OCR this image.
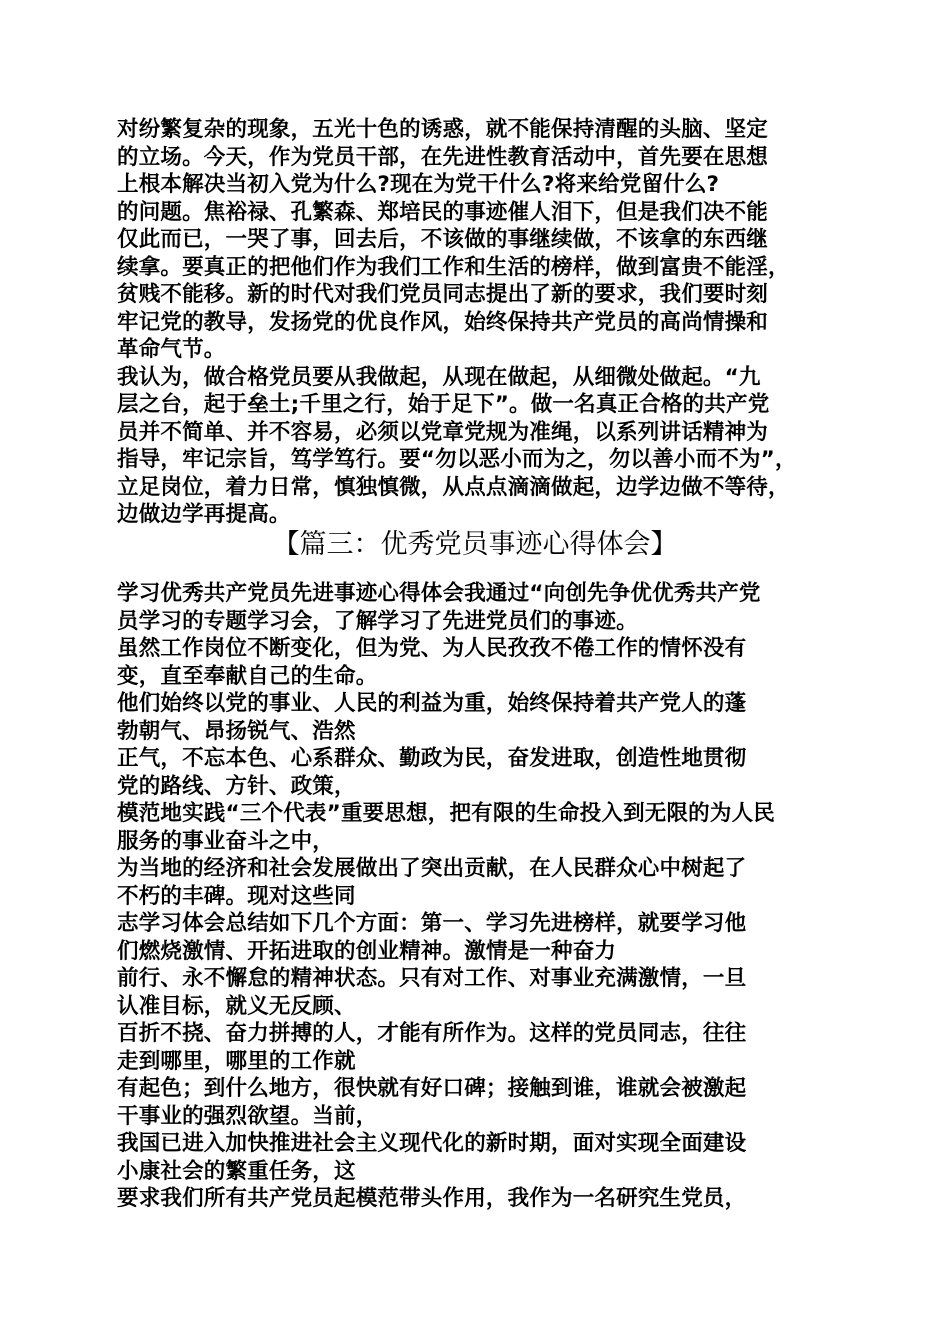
对纷繁复杂的现象，五光十色的诱惑，就不能保持清醒的头脑、坚定
的立场。今天，作为党员干部，在先进性教育活动中，首先要在思想
上根本解决当初入党为什么?现在为党干什么?将来给党留什么?
的问题。焦裕禄、孔繁森、郑培民的事迹催人泪下，但是我们决不能
仅此而已，一哭了事，回去后，不该做的事继续做，不该拿的东西继
续拿。要真正的把他们作为我们工作和生活的榜样，做到富贵不能淫，
贫贱不能移。新的时代对我们党员同志提出了新的要求，我们要时刻
牢记党的教导，发扬党的优良作风，始终保持共产党员的高尚情操和
革命气节。
我认为，做合格党员要从我做起，从现在做起，从细微处做起。“九
层之台，起于垒土;千里之行，始于足下”。做一名真正合格的共产党
员并不简单、并不容易，必须以党章党规为准绳，以系列讲话精神为
指导，牢记宗旨，笃学笃行。要“勿以恶小而为之，勿以善小而不为”，
立足岗位，着力日常，慎独慎微，从点点滴滴做起，边学边做不等待，
边做边学再提高。
【篇三：优秀党员事迹心得体会】
学习优秀共产党员先进事迹心得体会我通过“向创先争优优秀共产党
员学习的专题学习会，了解学习了先进党员们的事迹。
虽然工作岗位不断变化，但为党、为人民孜孜不倦工作的情怀没有
变，直至奉献自己的生命。
他们始终以党的事业、人民的利益为重，始终保持着共产党人的蓬
勃朝气、昂扬锐气、浩然
正气，不忘本色、心系群众、勤政为民，奋发进取，创造性地贯彻
党的路线、方针、政策，
模范地实践“三个代表”重要思想，把有限的生命投入到无限的为人民
服务的事业奋斗之中，
为当地的经济和社会发展做出了突出贡献，在人民群众心中树起了
不朽的丰碑。现对这些同
志学习体会总结如下几个方面：第一、学习先进榜样，就要学习他
们燃烧激情、开拓进取的创业精神。激情是一种奋力
前行、永不懈怠的精神状态。只有对工作、对事业充满激情，一旦
认准目标，就义无反顾、
百折不挠、奋力拼搏的人，才能有所作为。这样的党员同志，往往
走到哪里，哪里的工作就
有起色；到什么地方，很快就有好口碑；接触到谁，谁就会被激起
干事业的强烈欲望。当前，
我国已进入加快推进社会主义现代化的新时期，面对实现全面建设
小康社会的繁重任务，这
要求我们所有共产党员起模范带头作用，我作为一名研究生党员，
